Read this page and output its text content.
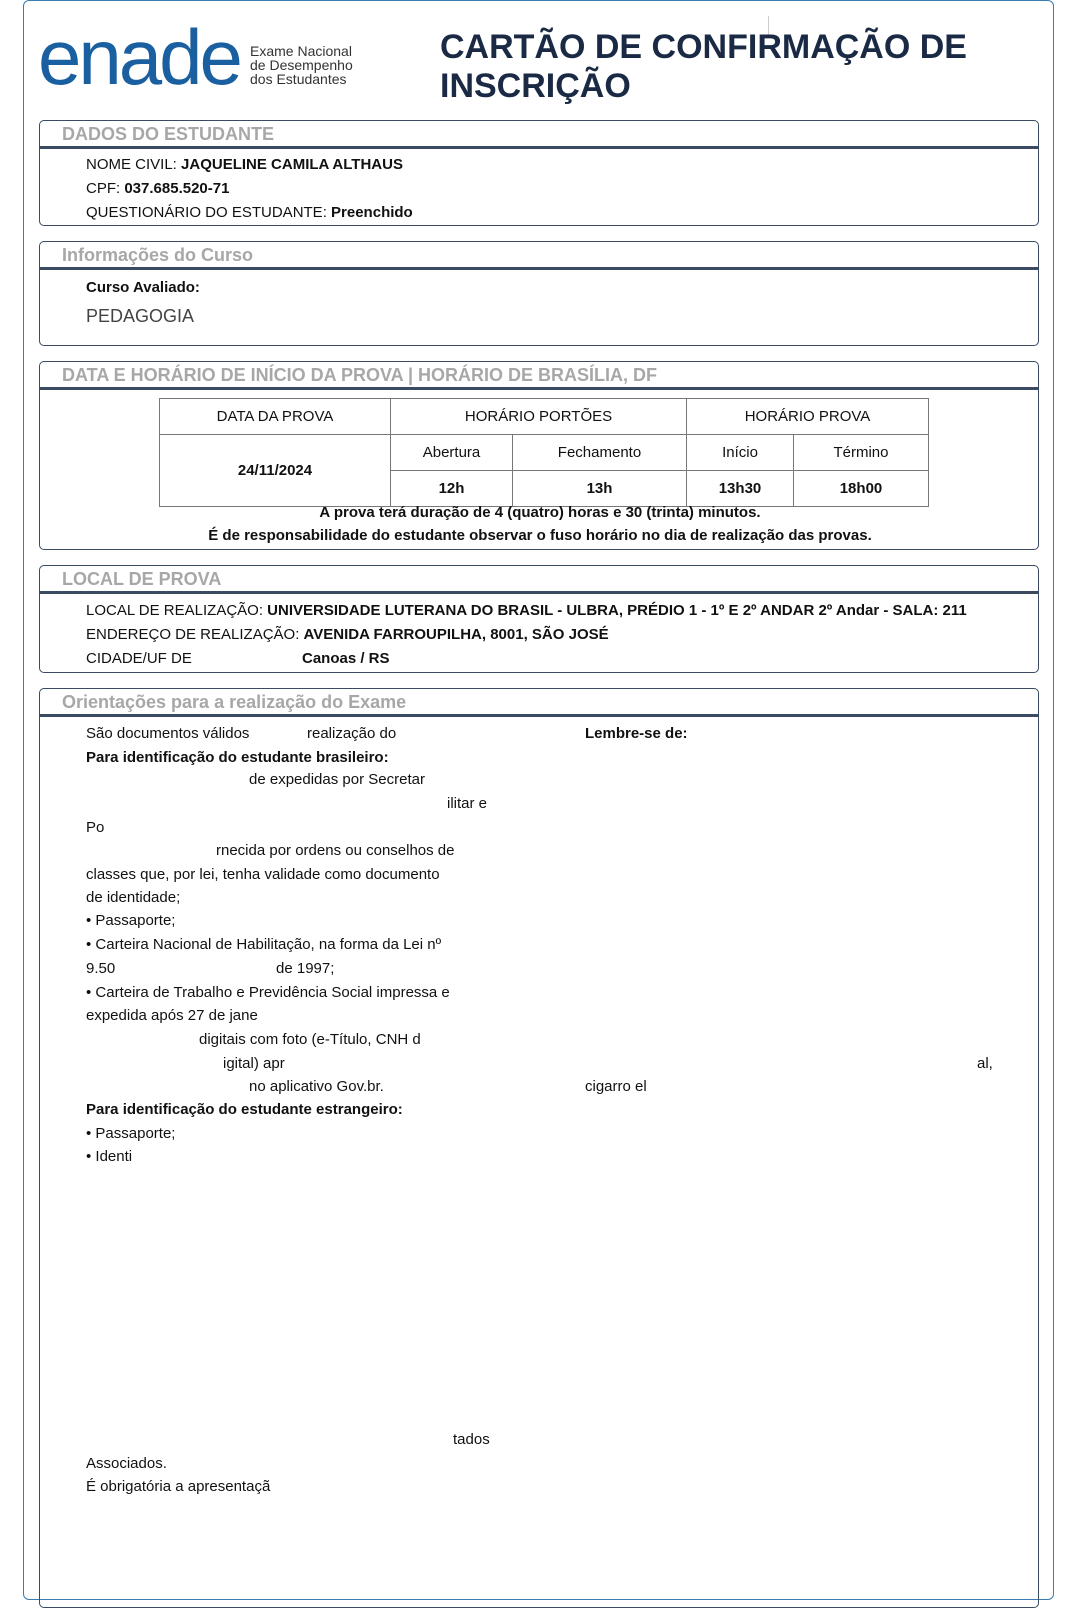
enade Exame Nacional
de Desempenho
dos Estudantes
CARTÃO DE CONFIRMAÇÃO DE
INSCRIÇÃO
DADOS DO ESTUDANTE
NOME CIVIL: JAQUELINE CAMILA ALTHAUS
CPF: 037.685.520-71
QUESTIONÁRIO DO ESTUDANTE: Preenchido
Informações do Curso
Curso Avaliado:
PEDAGOGIA
DATA E HORÁRIO DE INÍCIO DA PROVA | HORÁRIO DE BRASÍLIA, DF
DATA DA PROVA	HORÁRIO PORTÕES		HORÁRIO PROVA	
24/11/2024	Abertura	Fechamento	Início	Término
	12h	13h	13h30	18h00
A prova terá duração de 4 (quatro) horas e 30 (trinta) minutos.
É de responsabilidade do estudante observar o fuso horário no dia de realização das provas.
LOCAL DE PROVA
LOCAL DE REALIZAÇÃO: UNIVERSIDADE LUTERANA DO BRASIL - ULBRA, PRÉDIO 1 - 1º E 2º ANDAR 2º Andar - SALA: 211
ENDEREÇO DE REALIZAÇÃO: AVENIDA FARROUPILHA, 8001, SÃO JOSÉ
CIDADE/UF DE	Canoas / RS
Orientações para a realização do Exame
São documentos válidos	realização do	Lembre-se de:
Para identificação do estudante brasileiro:
de expedidas por Secretar
ilitar e
Po
rnecida por ordens ou conselhos de
classes que, por lei, tenha validade como documento
de identidade;
• Passaporte;
• Carteira Nacional de Habilitação, na forma da Lei nº
9.50	de 1997;
• Carteira de Trabalho e Previdência Social impressa e
expedida após 27 de jane
digitais com foto (e-Título, CNH d
igital) apr	al,
no aplicativo Gov.br.	cigarro el
Para identificação do estudante estrangeiro:
• Passaporte;
• Identi
tados
Associados.
É obrigatória a apresentaçã
